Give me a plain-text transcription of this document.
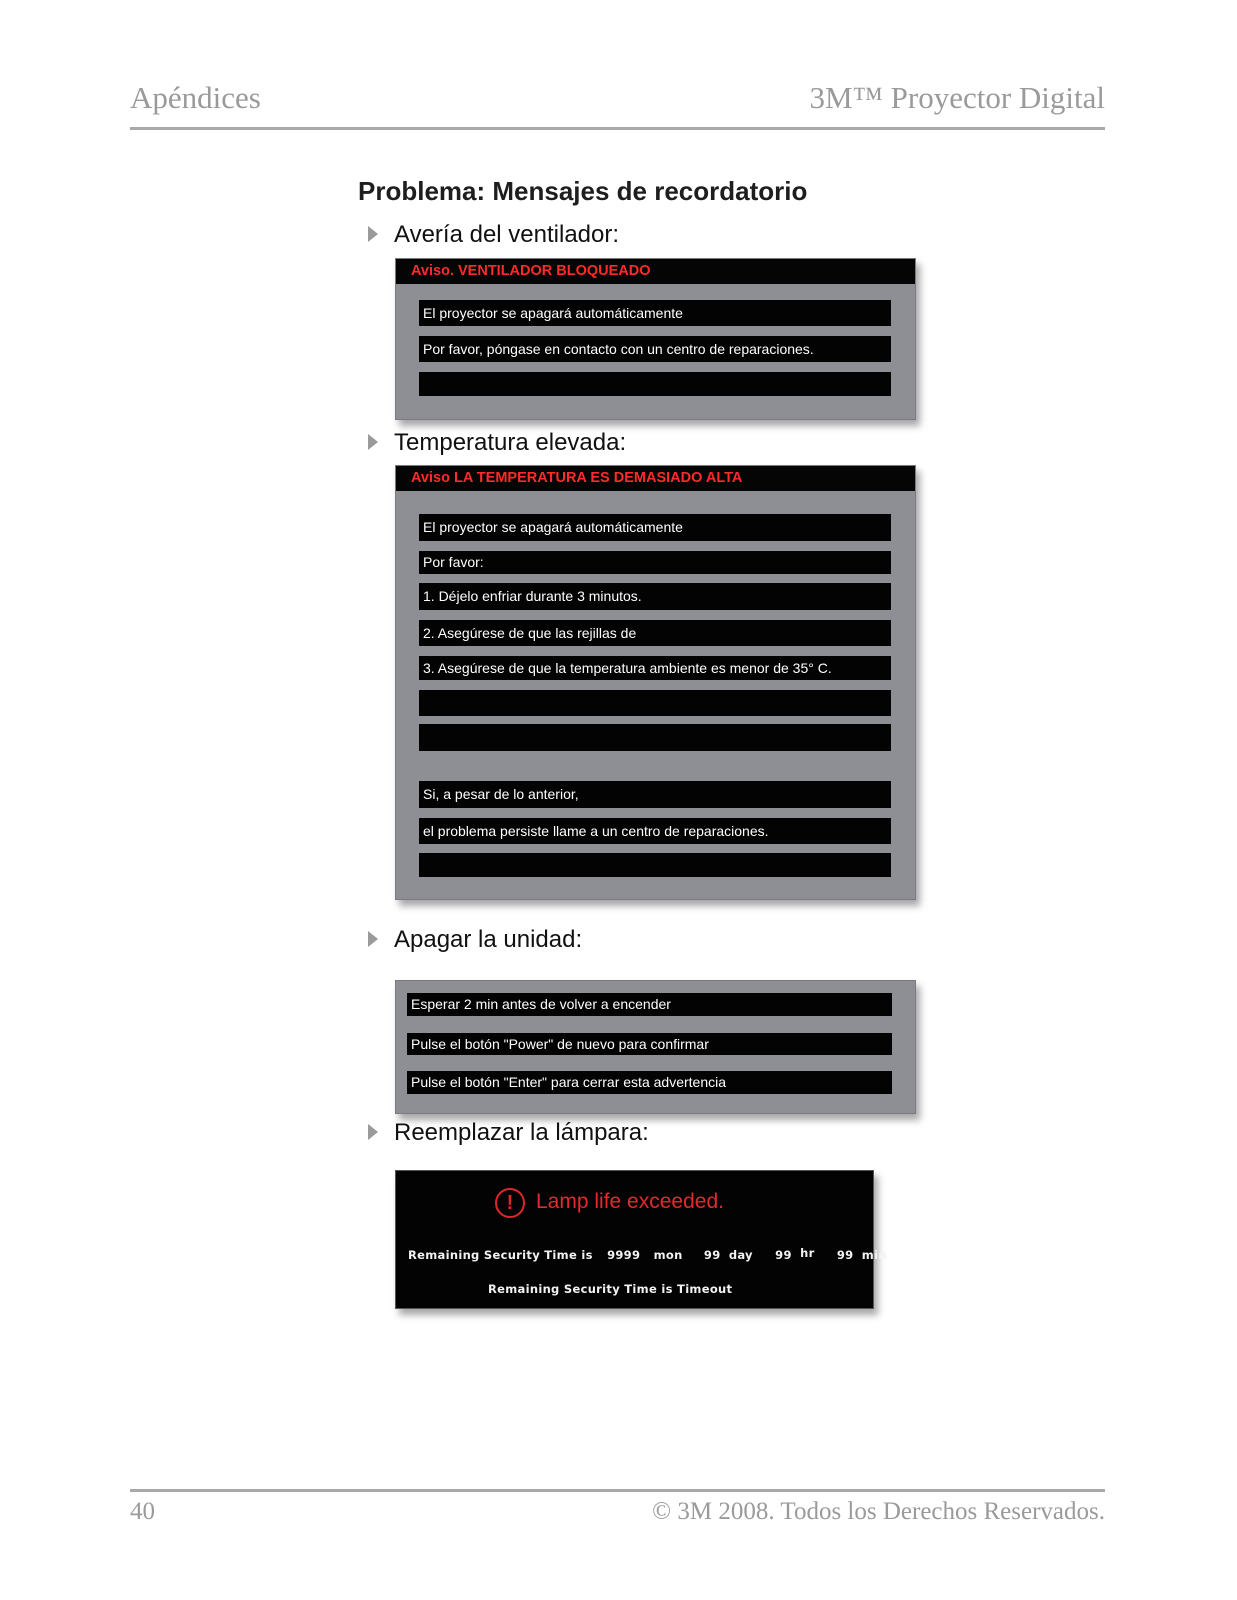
Apéndices	3M™ Proyector Digital
Problema: Mensajes de recordatorio
Avería del ventilador:
Aviso. VENTILADOR BLOQUEADO
El proyector se apagará automáticamente
Por favor, póngase en contacto con un centro de reparaciones.
Temperatura elevada:
Aviso LA TEMPERATURA ES DEMASIADO ALTA
El proyector se apagará automáticamente
Por favor:
1. Déjelo enfriar durante 3 minutos.
2. Asegúrese de que las rejillas de
3. Asegúrese de que la temperatura ambiente es menor de 35° C.
Si, a pesar de lo anterior,
el problema persiste llame a un centro de reparaciones.
Apagar la unidad:
Esperar 2 min antes de volver a encender
Pulse el botón "Power" de nuevo para confirmar
Pulse el botón "Enter" para cerrar esta advertencia
Reemplazar la lámpara:
!	Lamp life exceeded.
Remaining Security Time is 9999 mon 99 day 99 hr 99 min
Remaining Security Time is Timeout
40	© 3M 2008. Todos los Derechos Reservados.
